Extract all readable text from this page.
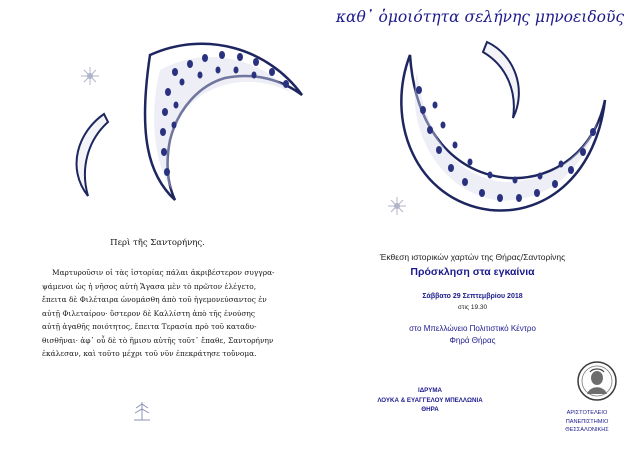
Περὶ τῆς Σαντορήνης.
Μαρτυροῦσιν οἱ τὰς ἱστορίας πάλαι ἀκριβέστερον συγγρα-
ψάμενοι ὡς ἡ νῆσος αὐτὴ Ἄγασα μὲν τὸ πρῶτον ἐλέγετο,
ἔπειτα δὲ Φιλέταιρα ὠνομάσθη ἀπὸ τοῦ ἡγεμονεύσαντος ἐν
αὐτῇ Φιλεταίρου· ὕστερον δὲ Καλλίστη ἀπὸ τῆς ἐνούσης
αὐτῇ ἀγαθῆς ποιότητος, ἔπειτα Τερασία πρὸ τοῦ καταδυ-
θισθῆναι· ἀφ᾽ οὗ δὲ τὸ ἥμισυ αὐτῆς τοῦτ᾽ ἔπαθε, Σαντορήνην
ἐκάλεσαν, καὶ τοῦτο μέχρι τοῦ νῦν ἐπεκράτησε τοὔνομα.
καθ᾽ ὁμοιότητα σελήνης μηνοειδοῦς
Έκθεση ιστορικών χαρτών της Θήρας/Σαντορίνης
Πρόσκληση στα εγκαίνια
Σάββατο 29 Σεπτεμβρίου 2018
στις 19.30
στο Μπελλώνειο Πολιτιστικό Κέντρο
Φηρά Θήρας
ΙΔΡΥΜΑ
ΛΟΥΚΑ & ΕΥΑΓΓΕΛΟΥ ΜΠΕΛΛΩΝΙΑ
ΘΗΡΑ	ΑΡΙΣΤΟΤΕΛΕΙΟ
ΠΑΝΕΠΙΣΤΗΜΙΟ
ΘΕΣΣΑΛΟΝΙΚΗΣ
